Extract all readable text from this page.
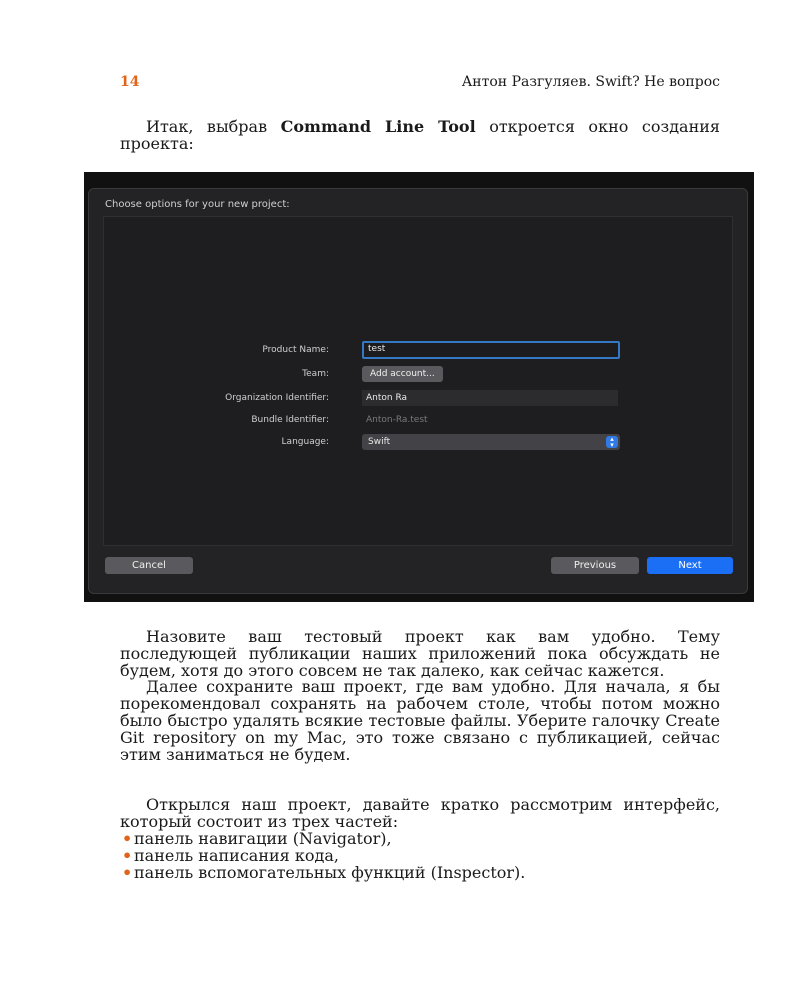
14	Антон Разгуляев. Swift? Не вопрос

Итак, выбрав Command Line Tool откроется окно создания проекта:

Choose options for your new project:
Product Name:	test
Team:	Add account...
Organization Identifier:	Anton Ra
Bundle Identifier:	Anton-Ra.test
Language:	Swift	▴
▾
Cancel	Previous	Next

Назовите ваш тестовый проект как вам удобно. Тему последующей публикации наших приложений пока обсуждать не будем, хотя до этого совсем не так далеко, как сейчас кажется.

Далее сохраните ваш проект, где вам удобно. Для начала, я бы порекомендовал сохранять на рабочем столе, чтобы потом можно было быстро удалять всякие тестовые файлы. Уберите галочку Create Git repository on my Mac, это тоже связано с публикацией, сейчас этим заниматься не будем.

Открылся наш проект, давайте кратко рассмотрим интерфейс, который состоит из трех частей:

• панель навигации (Navigator),
• панель написания кода,
• панель вспомогательных функций (Inspector).
